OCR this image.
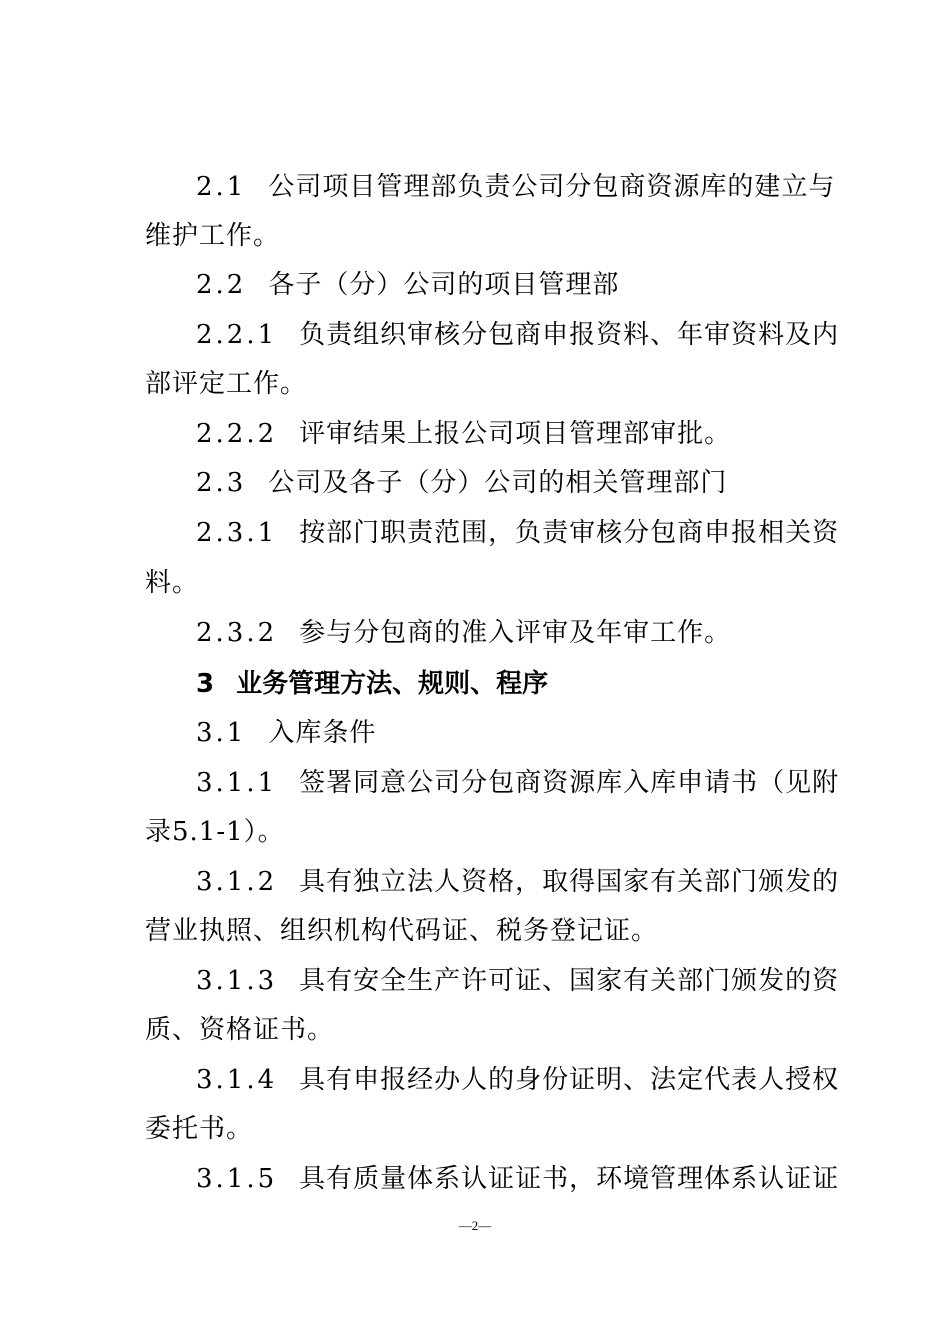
2.1 公司项目管理部负责公司分包商资源库的建立与
维护工作。
2.2 各子（分）公司的项目管理部
2.2.1 负责组织审核分包商申报资料、年审资料及内
部评定工作。
2.2.2 评审结果上报公司项目管理部审批。
2.3 公司及各子（分）公司的相关管理部门
2.3.1 按部门职责范围，负责审核分包商申报相关资
料。
2.3.2 参与分包商的准入评审及年审工作。
3 业务管理方法、规则、程序
3.1 入库条件
3.1.1 签署同意公司分包商资源库入库申请书（见附
录5.1-1）。
3.1.2 具有独立法人资格，取得国家有关部门颁发的
营业执照、组织机构代码证、税务登记证。
3.1.3 具有安全生产许可证、国家有关部门颁发的资
质、资格证书。
3.1.4 具有申报经办人的身份证明、法定代表人授权
委托书。
3.1.5 具有质量体系认证证书，环境管理体系认证证
—2—
